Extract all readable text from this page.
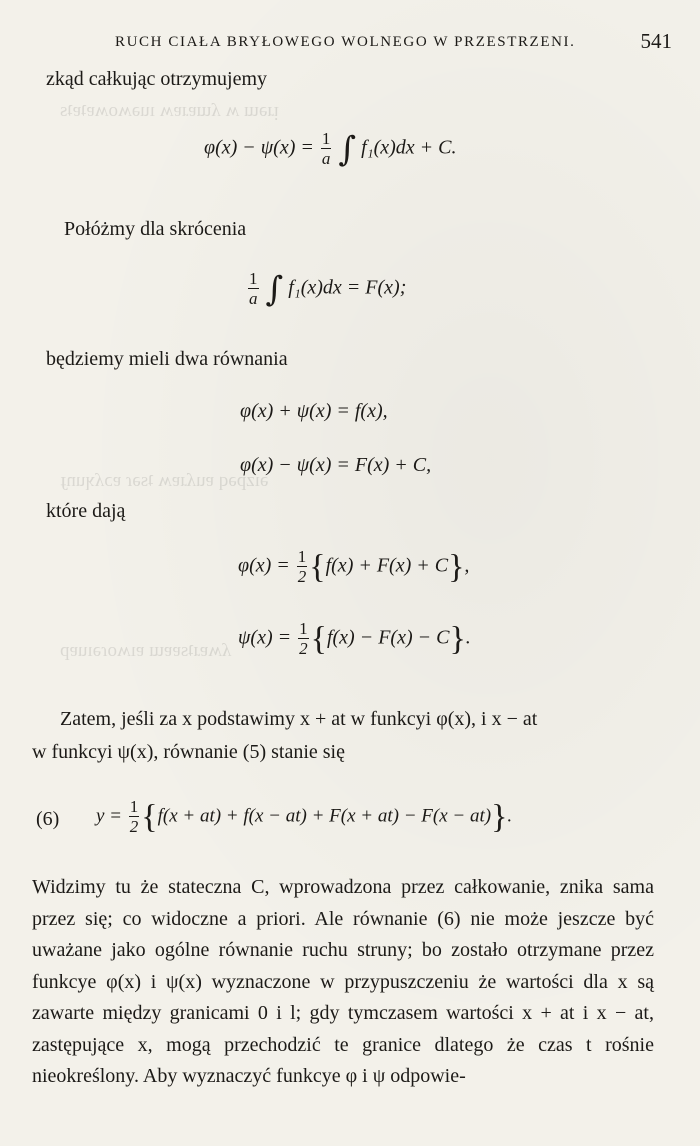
ᴉɹǝɯ ʍ ʎɯɐɹɐʍ ıuǝʍoʍɐʇɐʇs
ǝızpǝq ɐuʎɹɐʍ ʇsǝɾ ɐɔʎʞunɟ
ʎʍɐɹʇsɐɐɯ ɐıʍoɾǝıuɐp
RUCH CIAŁA BRYŁOWEGO WOLNEGO W PRZESTRZENI.	541
zkąd całkując otrzymujemy
$\varphi(x) - \psi(x) = \frac{1}{a}$ ∫ f₁(x)dx + C.
Połóżmy dla skrócenia
$\frac{1}{a}$ ∫ f₁(x)dx = F(x);
będziemy mieli dwa równania
φ(x) + ψ(x) = f(x),
φ(x) − ψ(x) = F(x) + C,
które dają
$\varphi(x) = \frac{1}{2} \{f(x) + F(x) + C\}$,
$\psi(x) = \frac{1}{2} \{f(x) - F(x) - C\}$.
Zatem, jeśli za x podstawimy x + at w funkcyi φ(x), i x − at
w funkcyi ψ(x), równanie (5) stanie się
(6) $y = \frac{1}{2} \{f(x + at) + f(x - at) + F(x + at) - F(x - at)\}$.
Widzimy tu że stateczna C, wprowadzona przez całkowanie, znika sama przez się; co widoczne a priori. Ale równanie (6) nie może jeszcze być uważane jako ogólne równanie ruchu struny; bo zostało otrzymane przez funkcye φ(x) i ψ(x) wyznaczone w przypuszczeniu że wartości dla x są zawarte między granicami 0 i l; gdy tymczasem wartości x + at i x − at, zastępujące x, mogą przechodzić te granice dlatego że czas t rośnie nieokreślony. Aby wyznaczyć funkcye φ i ψ odpowie-
